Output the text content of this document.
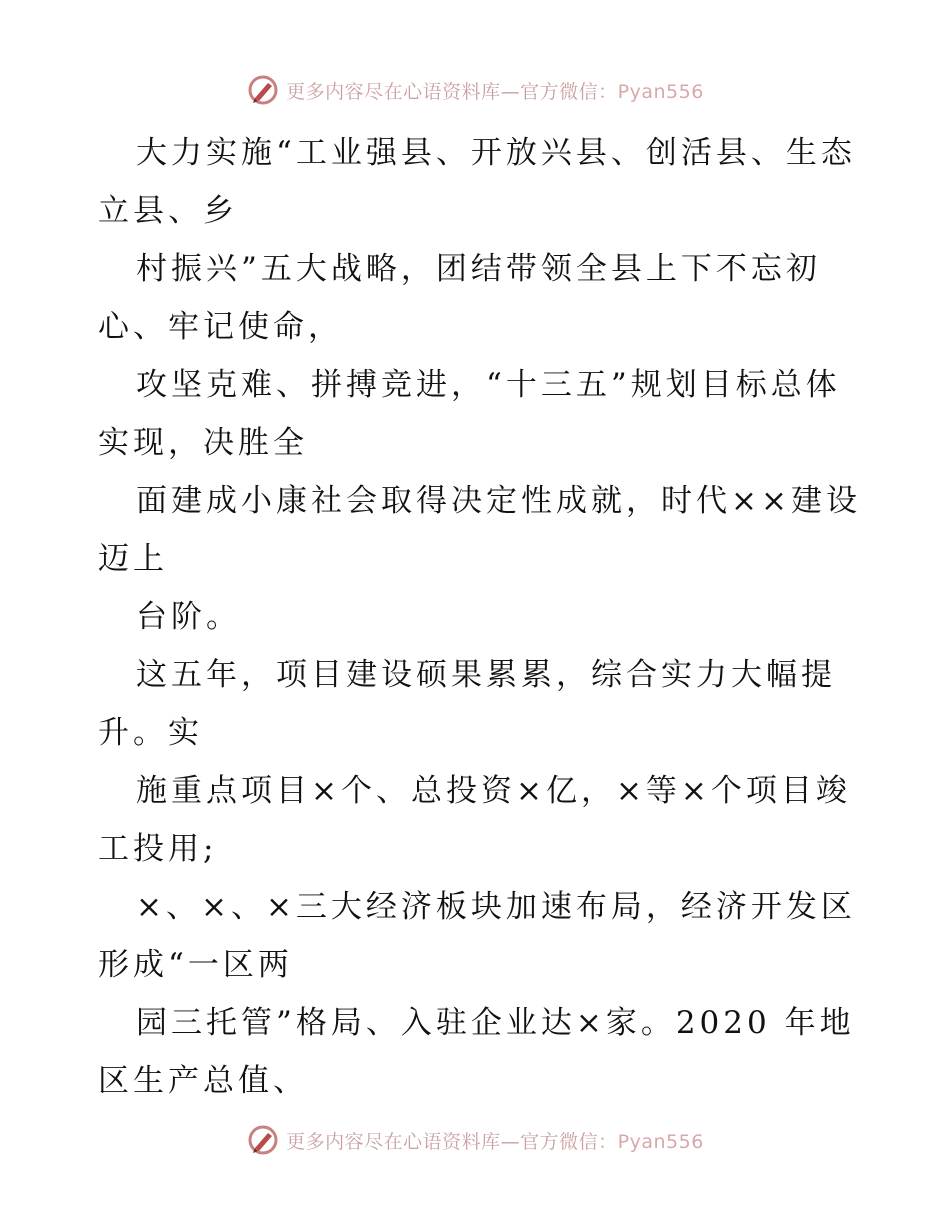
更多内容尽在心语资料库—官方微信：Pyan556
大力实施“工业强县、开放兴县、创活县、生态
立县、乡
村振兴”五大战略，团结带领全县上下不忘初
心、牢记使命，
攻坚克难、拼搏竞进，“十三五”规划目标总体
实现，决胜全
面建成小康社会取得决定性成就，时代××建设
迈上
台阶。
这五年，项目建设硕果累累，综合实力大幅提
升。实
施重点项目×个、总投资×亿，×等×个项目竣
工投用;
×、×、×三大经济板块加速布局，经济开发区
形成“一区两
园三托管”格局、入驻企业达×家。2020 年地
区生产总值、
更多内容尽在心语资料库—官方微信：Pyan556
